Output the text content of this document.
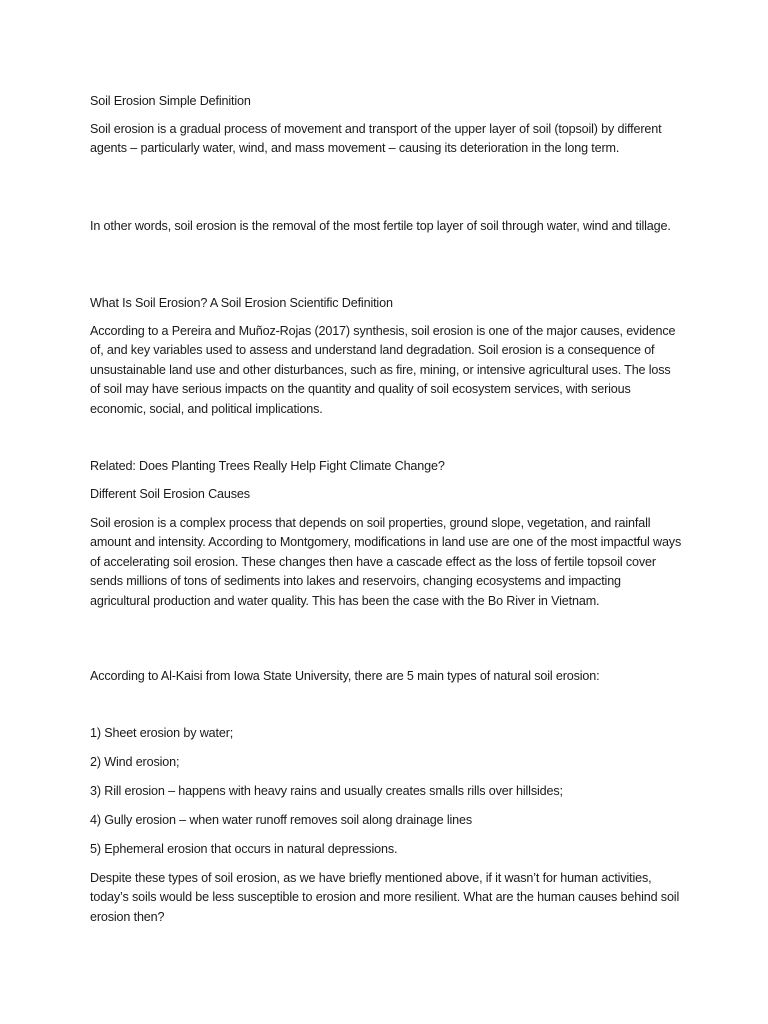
Soil Erosion Simple Definition

Soil erosion is a gradual process of movement and transport of the upper layer of soil (topsoil) by different agents – particularly water, wind, and mass movement – causing its deterioration in the long term.

In other words, soil erosion is the removal of the most fertile top layer of soil through water, wind and tillage.

What Is Soil Erosion? A Soil Erosion Scientific Definition

According to a Pereira and Muñoz-Rojas (2017) synthesis, soil erosion is one of the major causes, evidence of, and key variables used to assess and understand land degradation. Soil erosion is a consequence of unsustainable land use and other disturbances, such as fire, mining, or intensive agricultural uses. The loss of soil may have serious impacts on the quantity and quality of soil ecosystem services, with serious economic, social, and political implications.

Related: Does Planting Trees Really Help Fight Climate Change?

Different Soil Erosion Causes

Soil erosion is a complex process that depends on soil properties, ground slope, vegetation, and rainfall amount and intensity. According to Montgomery, modifications in land use are one of the most impactful ways of accelerating soil erosion. These changes then have a cascade effect as the loss of fertile topsoil cover sends millions of tons of sediments into lakes and reservoirs, changing ecosystems and impacting agricultural production and water quality. This has been the case with the Bo River in Vietnam.

According to Al-Kaisi from Iowa State University, there are 5 main types of natural soil erosion:

1) Sheet erosion by water;

2) Wind erosion;

3) Rill erosion – happens with heavy rains and usually creates smalls rills over hillsides;

4) Gully erosion – when water runoff removes soil along drainage lines

5) Ephemeral erosion that occurs in natural depressions.

Despite these types of soil erosion, as we have briefly mentioned above, if it wasn’t for human activities, today’s soils would be less susceptible to erosion and more resilient. What are the human causes behind soil erosion then?
